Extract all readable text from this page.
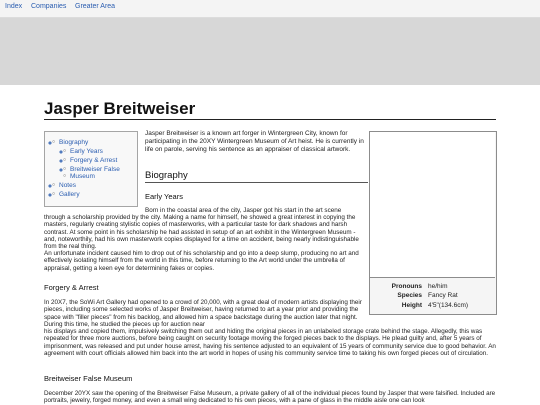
Index Companies Greater Area
Jasper Breitweiser
○ ◦ Biography
○ ◦ Early Years
○ ◦ Forgery & Arrest
○ ◦ Breitweiser False
○ Museum
○ ◦ Notes
○ ◦ Gallery

Jasper Breitweiser is a known art forger in Wintergreen City, known for participating in the 20XY Wintergreen Museum of Art heist. He is currently in life on parole, serving his sentence as an appraiser of classical artwork.

Biography
Early Years

Born in the coastal area of the city, Jasper got his start in the art scene

through a scholarship provided by the city. Making a name for himself, he showed a great interest in copying the masters, regularly creating stylistic copies of masterworks, with a particular taste for dark shadows and harsh contrast. At some point in his scholarship he had assisted in setup of an art exhibit in the Wintergreen Museum - and, noteworthily, had his own masterwork copies displayed for a time on accident, being nearly indistinguishable from the real thing.

An unfortunate incident caused him to drop out of his scholarship and go into a deep slump, producing no art and effectively isolating himself from the world in this time, before returning to the Art world under the umbrella of appraisal, getting a keen eye for determining fakes or copies.

Forgery & Arrest

In 20X7, the SoWi Art Gallery had opened to a crowd of 20,000, with a great deal of modern artists displaying their pieces, including some selected works of Jasper Breitweiser, having returned to art a year prior and providing the space with "filler pieces" from his backlog, and allowed him a space backstage during the auction later that night. During this time, he studied the pieces up for auction near

his displays and copied them, impulsively switching them out and hiding the original pieces in an unlabeled storage crate behind the stage. Allegedly, this was repeated for three more auctions, before being caught on security footage moving the forged pieces back to the displays. He plead guilty and, after 5 years of imprisonment, was released and put under house arrest, having his sentence adjusted to an equivalent of 15 years of community service due to good behavior. An agreement with court officials allowed him back into the art world in hopes of using his community service time to taking his own forged pieces out of circulation.

Breitweiser False Museum

December 20YX saw the opening of the Breitweiser False Museum, a private gallery of all of the individual pieces found by Jasper that were falsified. Included are portraits, jewelry, forged money, and even a small wing dedicated to his own pieces, with a pane of glass in the middle aisle one can look

Pronouns he/him
Species Fancy Rat
Height 4'5"(134.6cm)
